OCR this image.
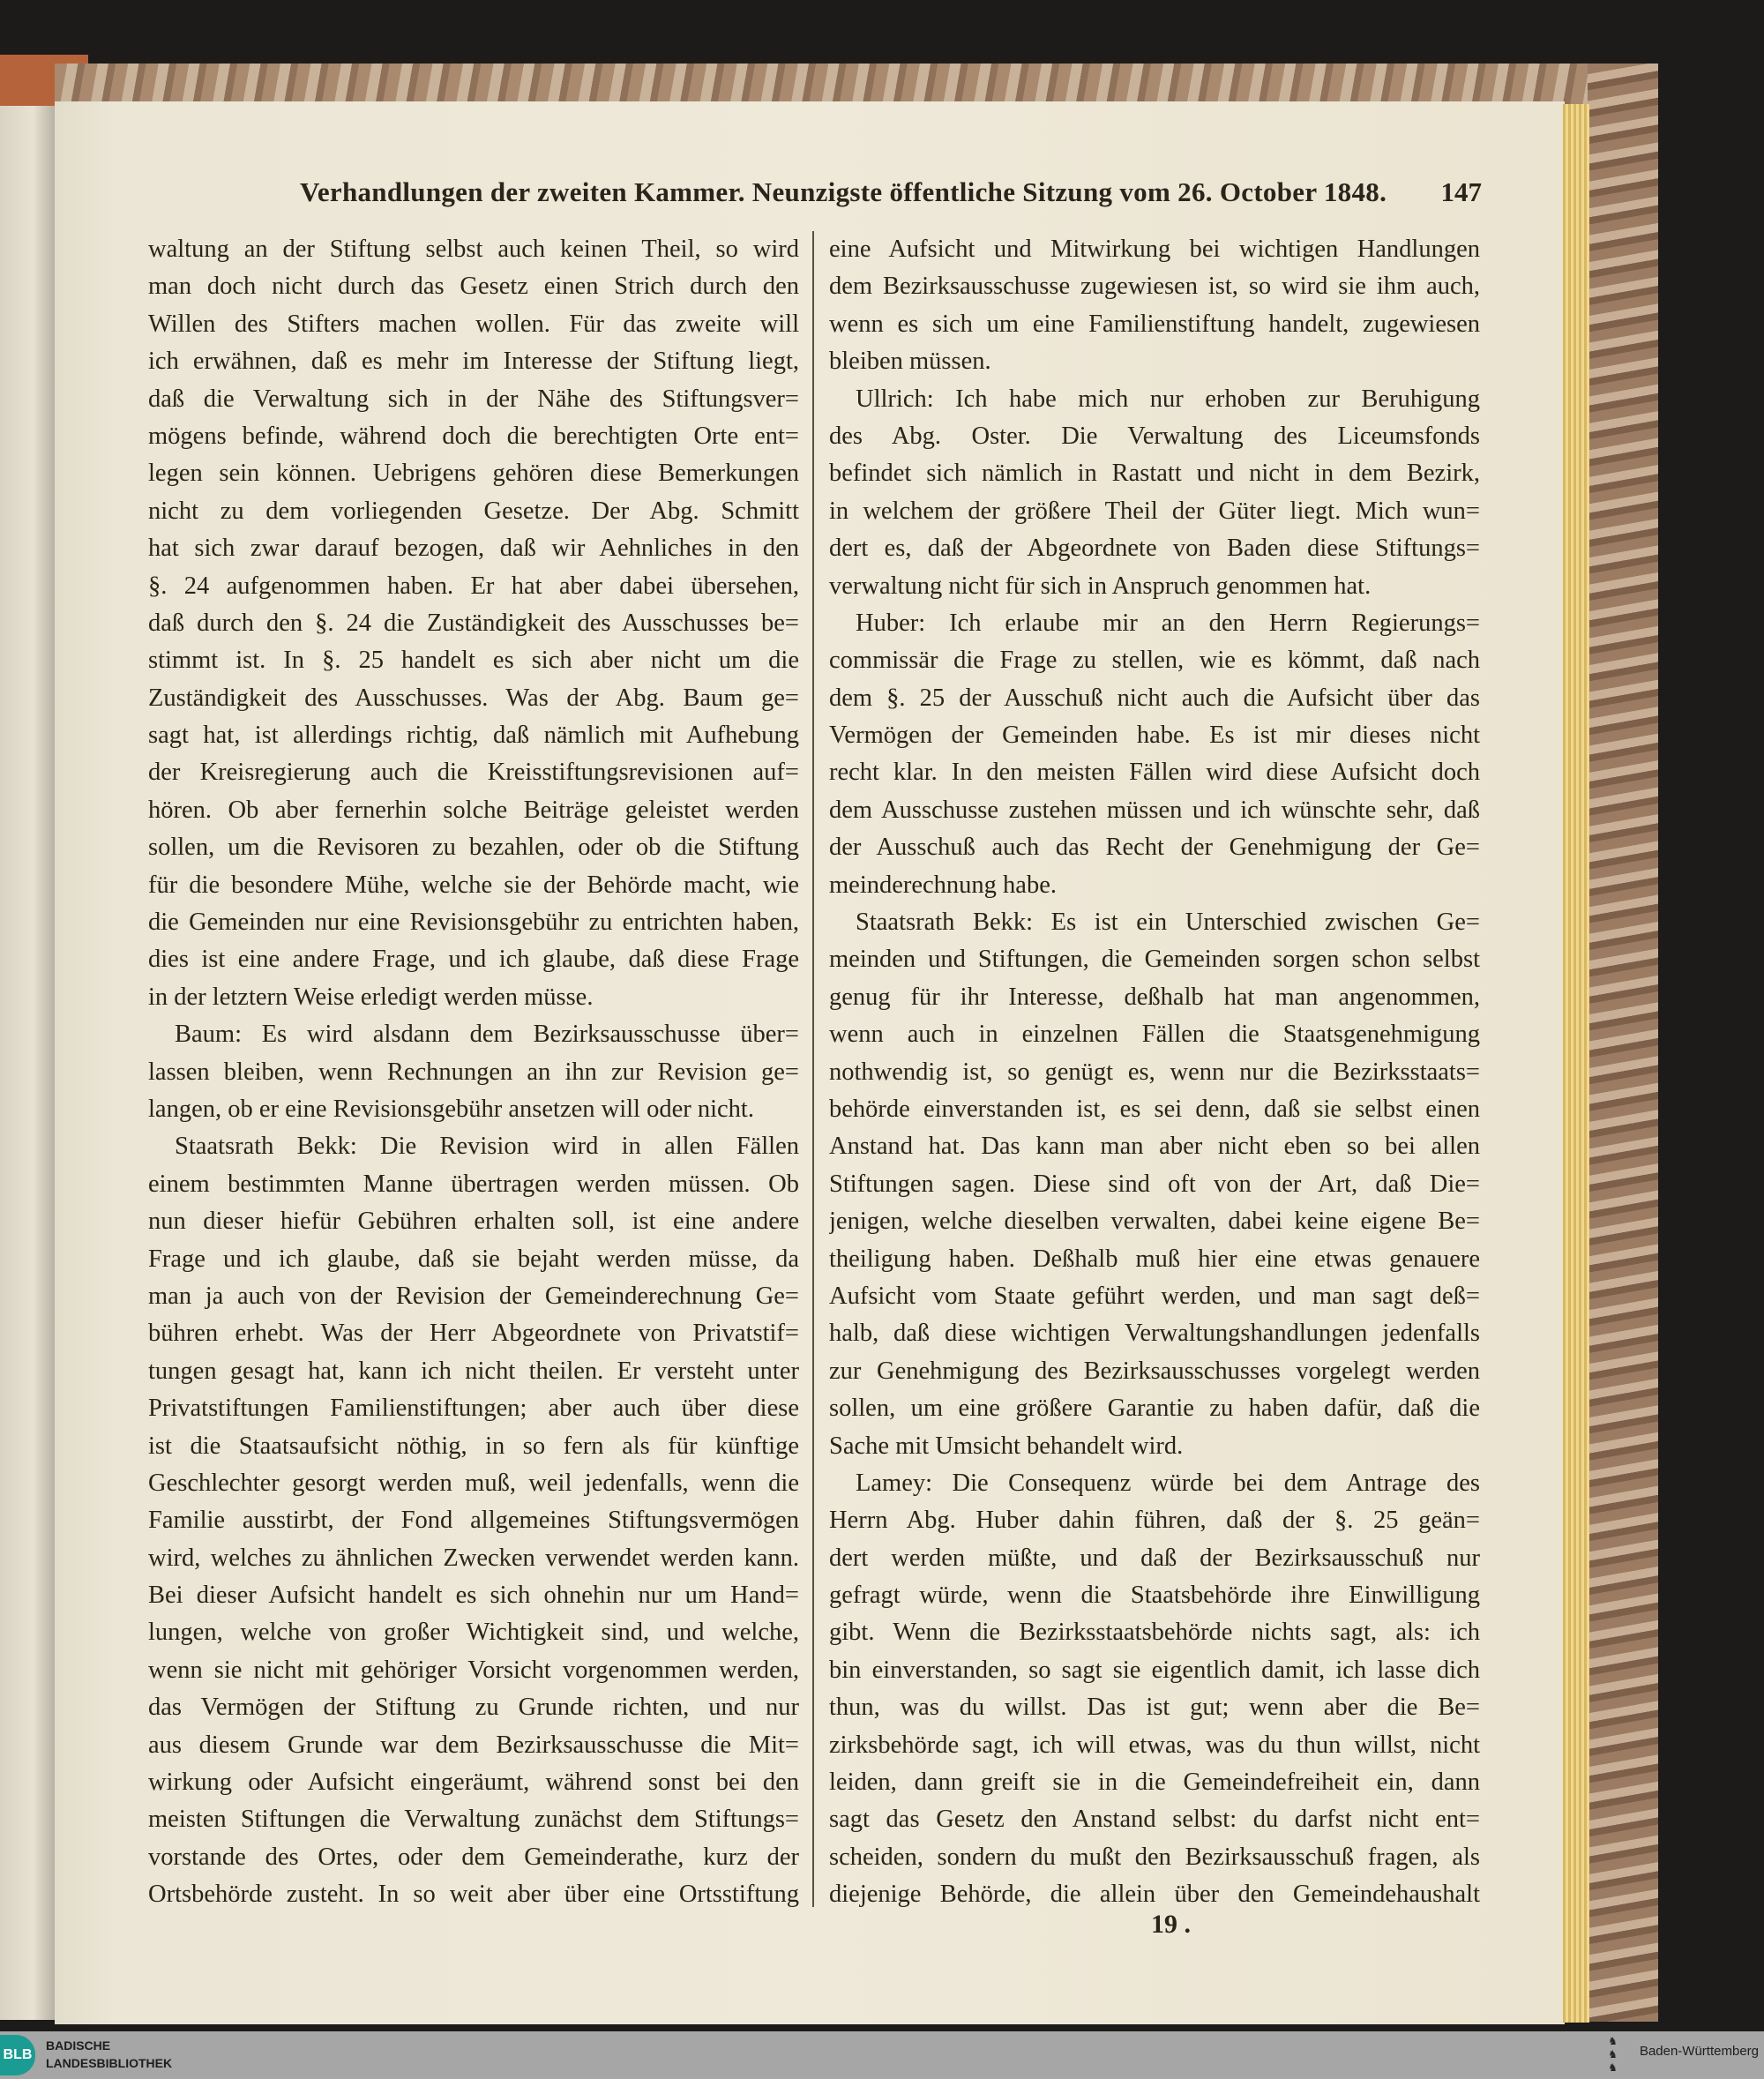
Verhandlungen der zweiten Kammer. Neunzigste öffentliche Sitzung vom 26. October 1848. 147
waltung an der Stiftung selbst auch keinen Theil, so wird
man doch nicht durch das Gesetz einen Strich durch den
Willen des Stifters machen wollen. Für das zweite will
ich erwähnen, daß es mehr im Interesse der Stiftung liegt,
daß die Verwaltung sich in der Nähe des Stiftungsver=
mögens befinde, während doch die berechtigten Orte ent=
legen sein können. Uebrigens gehören diese Bemerkungen
nicht zu dem vorliegenden Gesetze. Der Abg. Schmitt
hat sich zwar darauf bezogen, daß wir Aehnliches in den
§. 24 aufgenommen haben. Er hat aber dabei übersehen,
daß durch den §. 24 die Zuständigkeit des Ausschusses be=
stimmt ist. In §. 25 handelt es sich aber nicht um die
Zuständigkeit des Ausschusses. Was der Abg. Baum ge=
sagt hat, ist allerdings richtig, daß nämlich mit Aufhebung
der Kreisregierung auch die Kreisstiftungsrevisionen auf=
hören. Ob aber fernerhin solche Beiträge geleistet werden
sollen, um die Revisoren zu bezahlen, oder ob die Stiftung
für die besondere Mühe, welche sie der Behörde macht, wie
die Gemeinden nur eine Revisionsgebühr zu entrichten haben,
dies ist eine andere Frage, und ich glaube, daß diese Frage
in der letztern Weise erledigt werden müsse.
Baum: Es wird alsdann dem Bezirksausschusse über=
lassen bleiben, wenn Rechnungen an ihn zur Revision ge=
langen, ob er eine Revisionsgebühr ansetzen will oder nicht.
Staatsrath Bekk: Die Revision wird in allen Fällen
einem bestimmten Manne übertragen werden müssen. Ob
nun dieser hiefür Gebühren erhalten soll, ist eine andere
Frage und ich glaube, daß sie bejaht werden müsse, da
man ja auch von der Revision der Gemeinderechnung Ge=
bühren erhebt. Was der Herr Abgeordnete von Privatstif=
tungen gesagt hat, kann ich nicht theilen. Er versteht unter
Privatstiftungen Familienstiftungen; aber auch über diese
ist die Staatsaufsicht nöthig, in so fern als für künftige
Geschlechter gesorgt werden muß, weil jedenfalls, wenn die
Familie ausstirbt, der Fond allgemeines Stiftungsvermögen
wird, welches zu ähnlichen Zwecken verwendet werden kann.
Bei dieser Aufsicht handelt es sich ohnehin nur um Hand=
lungen, welche von großer Wichtigkeit sind, und welche,
wenn sie nicht mit gehöriger Vorsicht vorgenommen werden,
das Vermögen der Stiftung zu Grunde richten, und nur
aus diesem Grunde war dem Bezirksausschusse die Mit=
wirkung oder Aufsicht eingeräumt, während sonst bei den
meisten Stiftungen die Verwaltung zunächst dem Stiftungs=
vorstande des Ortes, oder dem Gemeinderathe, kurz der
Ortsbehörde zusteht. In so weit aber über eine Ortsstiftung
eine Aufsicht und Mitwirkung bei wichtigen Handlungen
dem Bezirksausschusse zugewiesen ist, so wird sie ihm auch,
wenn es sich um eine Familienstiftung handelt, zugewiesen
bleiben müssen.
Ullrich: Ich habe mich nur erhoben zur Beruhigung
des Abg. Oster. Die Verwaltung des Liceumsfonds
befindet sich nämlich in Rastatt und nicht in dem Bezirk,
in welchem der größere Theil der Güter liegt. Mich wun=
dert es, daß der Abgeordnete von Baden diese Stiftungs=
verwaltung nicht für sich in Anspruch genommen hat.
Huber: Ich erlaube mir an den Herrn Regierungs=
commissär die Frage zu stellen, wie es kömmt, daß nach
dem §. 25 der Ausschuß nicht auch die Aufsicht über das
Vermögen der Gemeinden habe. Es ist mir dieses nicht
recht klar. In den meisten Fällen wird diese Aufsicht doch
dem Ausschusse zustehen müssen und ich wünschte sehr, daß
der Ausschuß auch das Recht der Genehmigung der Ge=
meinderechnung habe.
Staatsrath Bekk: Es ist ein Unterschied zwischen Ge=
meinden und Stiftungen, die Gemeinden sorgen schon selbst
genug für ihr Interesse, deßhalb hat man angenommen,
wenn auch in einzelnen Fällen die Staatsgenehmigung
nothwendig ist, so genügt es, wenn nur die Bezirksstaats=
behörde einverstanden ist, es sei denn, daß sie selbst einen
Anstand hat. Das kann man aber nicht eben so bei allen
Stiftungen sagen. Diese sind oft von der Art, daß Die=
jenigen, welche dieselben verwalten, dabei keine eigene Be=
theiligung haben. Deßhalb muß hier eine etwas genauere
Aufsicht vom Staate geführt werden, und man sagt deß=
halb, daß diese wichtigen Verwaltungshandlungen jedenfalls
zur Genehmigung des Bezirksausschusses vorgelegt werden
sollen, um eine größere Garantie zu haben dafür, daß die
Sache mit Umsicht behandelt wird.
Lamey: Die Consequenz würde bei dem Antrage des
Herrn Abg. Huber dahin führen, daß der §. 25 geän=
dert werden müßte, und daß der Bezirksausschuß nur
gefragt würde, wenn die Staatsbehörde ihre Einwilligung
gibt. Wenn die Bezirksstaatsbehörde nichts sagt, als: ich
bin einverstanden, so sagt sie eigentlich damit, ich lasse dich
thun, was du willst. Das ist gut; wenn aber die Be=
zirksbehörde sagt, ich will etwas, was du thun willst, nicht
leiden, dann greift sie in die Gemeindefreiheit ein, dann
sagt das Gesetz den Anstand selbst: du darfst nicht ent=
scheiden, sondern du mußt den Bezirksausschuß fragen, als
diejenige Behörde, die allein über den Gemeindehaushalt
19 .
BLB
BADISCHE
LANDESBIBLIOTHEK
♞
♞
♞
Baden-Württemberg
